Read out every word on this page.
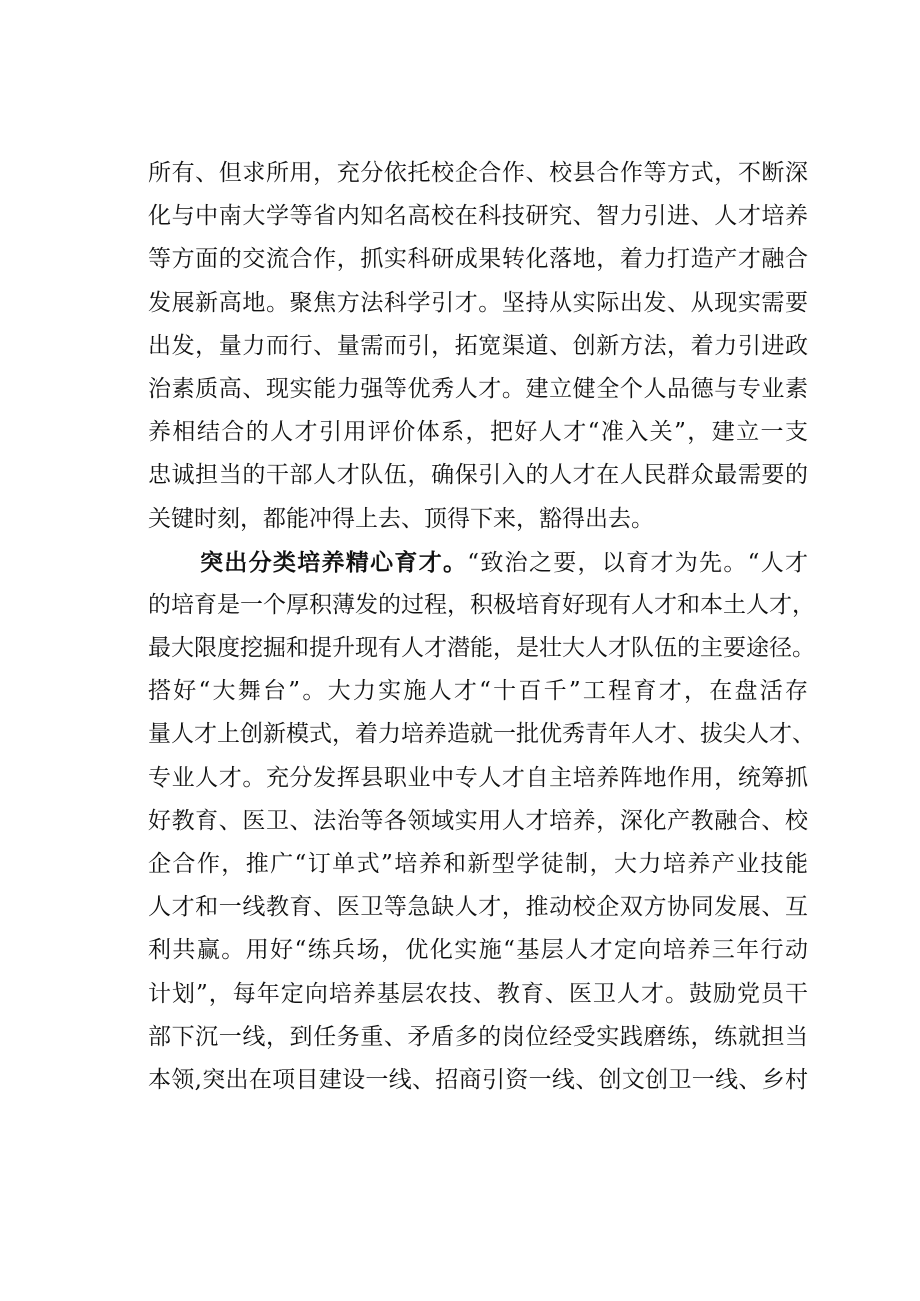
所有、但求所用，充分依托校企合作、校县合作等方式，不断深
化与中南大学等省内知名高校在科技研究、智力引进、人才培养
等方面的交流合作，抓实科研成果转化落地，着力打造产才融合
发展新高地。聚焦方法科学引才。坚持从实际出发、从现实需要
出发，量力而行、量需而引，拓宽渠道、创新方法，着力引进政
治素质高、现实能力强等优秀人才。建立健全个人品德与专业素
养相结合的人才引用评价体系，把好人才“准入关”，建立一支
忠诚担当的干部人才队伍，确保引入的人才在人民群众最需要的
关键时刻，都能冲得上去、顶得下来，豁得出去。
突出分类培养精心育才。“致治之要，以育才为先。“人才
的培育是一个厚积薄发的过程，积极培育好现有人才和本土人才，
最大限度挖掘和提升现有人才潜能，是壮大人才队伍的主要途径。
搭好“大舞台”。大力实施人才“十百千”工程育才，在盘活存
量人才上创新模式，着力培养造就一批优秀青年人才、拔尖人才、
专业人才。充分发挥县职业中专人才自主培养阵地作用，统筹抓
好教育、医卫、法治等各领域实用人才培养，深化产教融合、校
企合作，推广“订单式”培养和新型学徒制，大力培养产业技能
人才和一线教育、医卫等急缺人才，推动校企双方协同发展、互
利共赢。用好“练兵场，优化实施“基层人才定向培养三年行动
计划”，每年定向培养基层农技、教育、医卫人才。鼓励党员干
部下沉一线，到任务重、矛盾多的岗位经受实践磨练，练就担当
本领,突出在项目建设一线、招商引资一线、创文创卫一线、乡村
